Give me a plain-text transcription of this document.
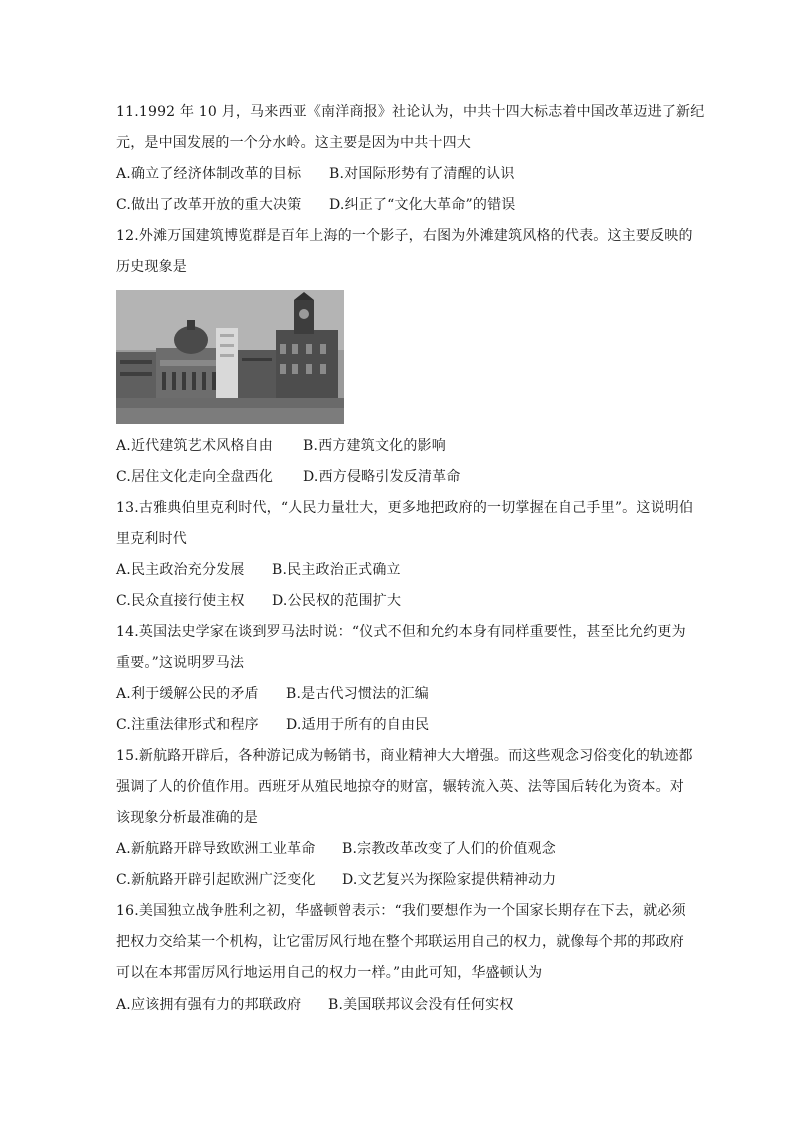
11.1992 年 10 月，马来西亚《南洋商报》社论认为，中共十四大标志着中国改革迈进了新纪
元，是中国发展的一个分水岭。这主要是因为中共十四大
A.确立了经济体制改革的目标 B.对国际形势有了清醒的认识
C.做出了改革开放的重大决策 D.纠正了“文化大革命”的错误
12.外滩万国建筑博览群是百年上海的一个影子，右图为外滩建筑风格的代表。这主要反映的
历史现象是
A.近代建筑艺术风格自由 B.西方建筑文化的影响
C.居住文化走向全盘西化 D.西方侵略引发反清革命
13.古雅典伯里克利时代，“人民力量壮大，更多地把政府的一切掌握在自己手里”。这说明伯
里克利时代
A.民主政治充分发展 B.民主政治正式确立
C.民众直接行使主权 D.公民权的范围扩大
14.英国法史学家在谈到罗马法时说：“仪式不但和允约本身有同样重要性，甚至比允约更为
重要。”这说明罗马法
A.利于缓解公民的矛盾 B.是古代习惯法的汇编
C.注重法律形式和程序 D.适用于所有的自由民
15.新航路开辟后，各种游记成为畅销书，商业精神大大增强。而这些观念习俗变化的轨迹都
强调了人的价值作用。西班牙从殖民地掠夺的财富，辗转流入英、法等国后转化为资本。对
该现象分析最准确的是
A.新航路开辟导致欧洲工业革命 B.宗教改革改变了人们的价值观念
C.新航路开辟引起欧洲广泛变化 D.文艺复兴为探险家提供精神动力
16.美国独立战争胜利之初，华盛顿曾表示：“我们要想作为一个国家长期存在下去，就必须
把权力交给某一个机构，让它雷厉风行地在整个邦联运用自己的权力，就像每个邦的邦政府
可以在本邦雷厉风行地运用自己的权力一样。”由此可知，华盛顿认为
A.应该拥有强有力的邦联政府 B.美国联邦议会没有任何实权
